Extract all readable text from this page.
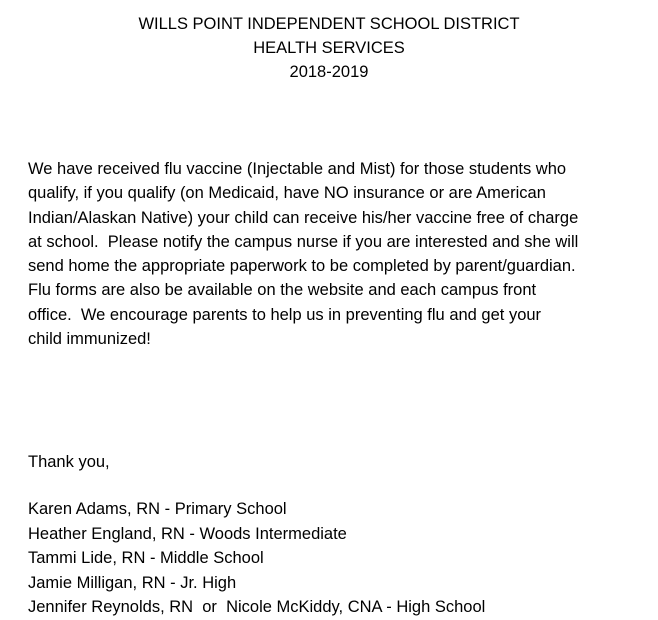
WILLS POINT INDEPENDENT SCHOOL DISTRICT
HEALTH SERVICES
2018-2019
We have received flu vaccine (Injectable and Mist) for those students who
qualify, if you qualify (on Medicaid, have NO insurance or are American
Indian/Alaskan Native) your child can receive his/her vaccine free of charge
at school.  Please notify the campus nurse if you are interested and she will
send home the appropriate paperwork to be completed by parent/guardian.
Flu forms are also be available on the website and each campus front
office.  We encourage parents to help us in preventing flu and get your
child immunized!

Thank you,

Karen Adams, RN - Primary School
Heather England, RN - Woods Intermediate
Tammi Lide, RN - Middle School
Jamie Milligan, RN - Jr. High
Jennifer Reynolds, RN  or  Nicole McKiddy, CNA - High School
